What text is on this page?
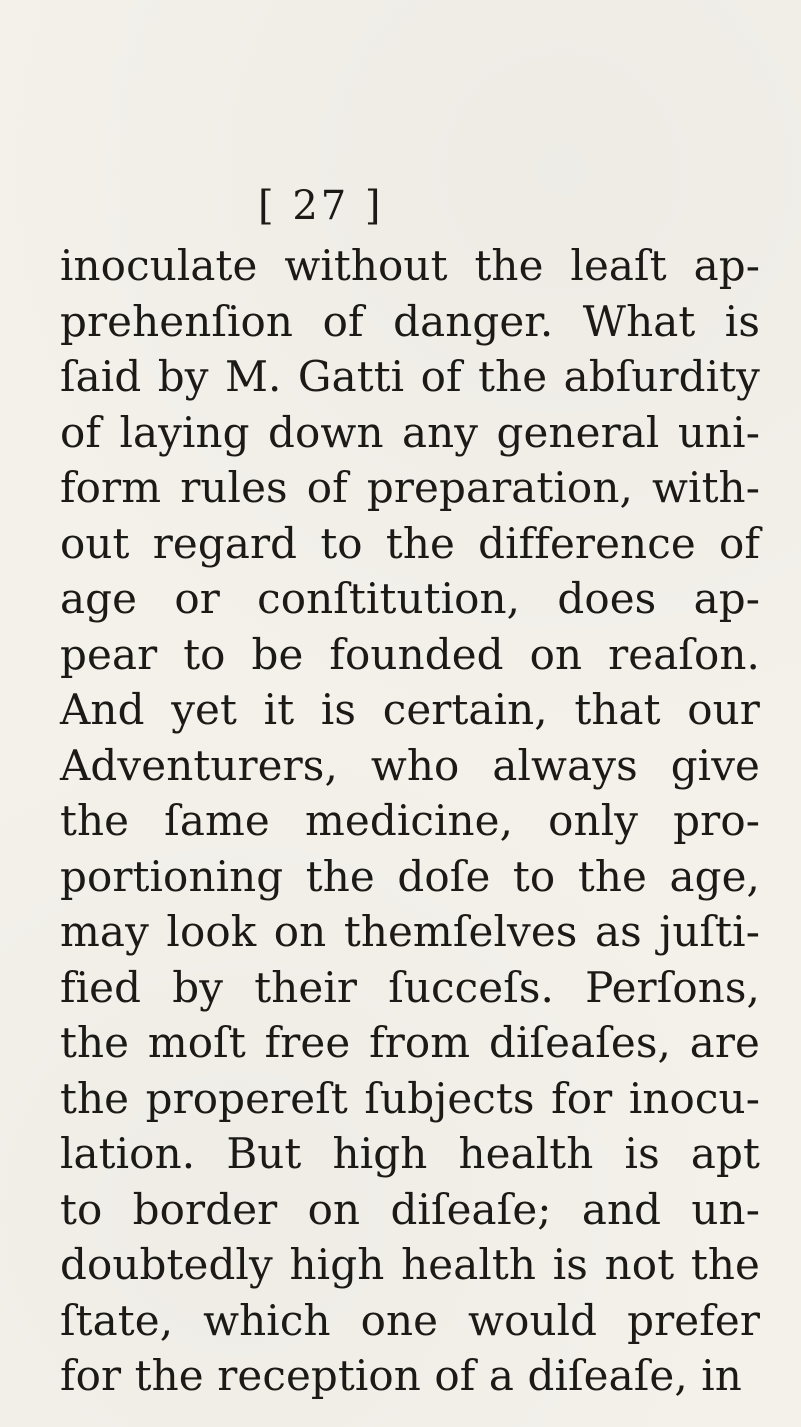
[ 27 ]
inoculate without the leaſt ap-
prehenſion of danger. What is
ſaid by M. Gatti of the abſurdity
of laying down any general uni-
form rules of preparation, with-
out regard to the difference of
age or conſtitution, does ap-
pear to be founded on reaſon.
And yet it is certain, that our
Adventurers, who always give
the ſame medicine, only pro-
portioning the doſe to the age,
may look on themſelves as juſti-
fied by their ſucceſs. Perſons,
the moſt free from diſeaſes, are
the propereſt ſubjects for inocu-
lation. But high health is apt
to border on diſeaſe; and un-
doubtedly high health is not the
ſtate, which one would prefer
for the reception of a diſeaſe, in
